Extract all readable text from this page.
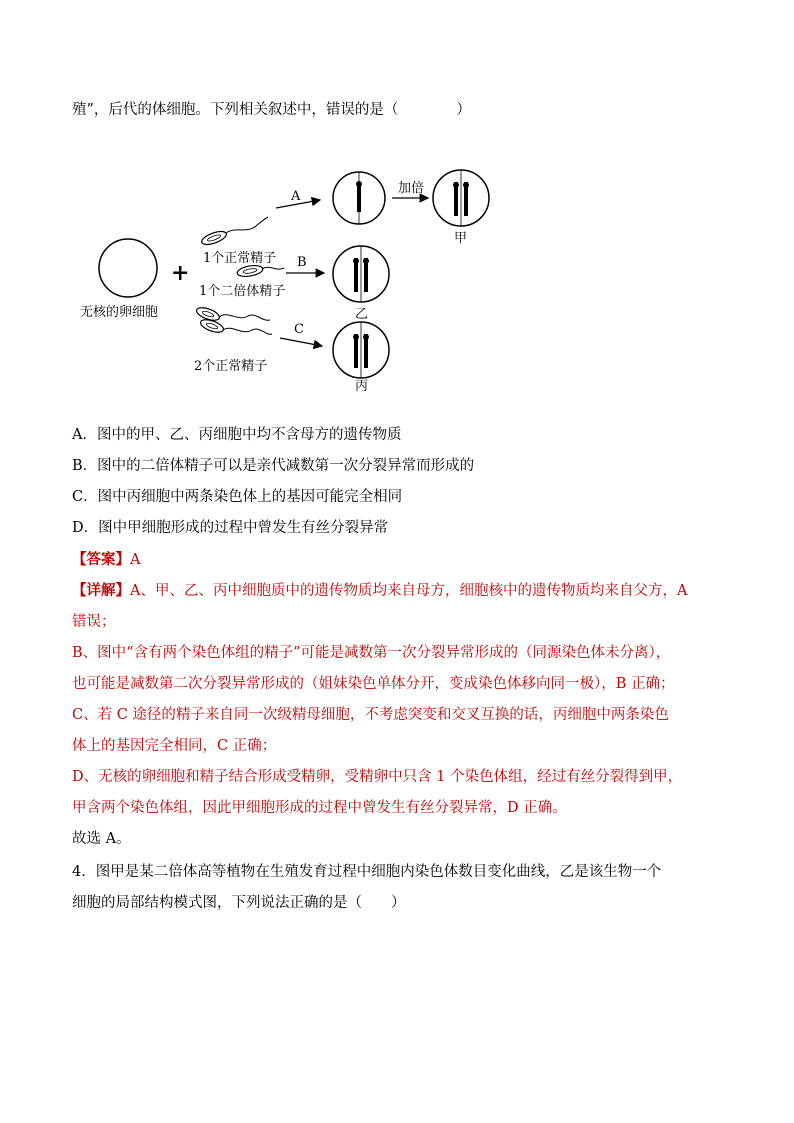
殖”，后代的体细胞。下列相关叙述中，错误的是（　　　　）
无核的卵细胞
+
1个正常精子
1个二倍体精子
2个正常精子
A
B
C
加倍
甲
乙
丙
A．图中的甲、乙、丙细胞中均不含母方的遗传物质
B．图中的二倍体精子可以是亲代减数第一次分裂异常而形成的
C．图中丙细胞中两条染色体上的基因可能完全相同
D．图中甲细胞形成的过程中曾发生有丝分裂异常
【答案】A
【详解】A、甲、乙、丙中细胞质中的遗传物质均来自母方，细胞核中的遗传物质均来自父方，A
错误；
B、图中“含有两个染色体组的精子”可能是减数第一次分裂异常形成的（同源染色体未分离），
也可能是减数第二次分裂异常形成的（姐妹染色单体分开，变成染色体移向同一极），B 正确；
C、若 C 途径的精子来自同一次级精母细胞，不考虑突变和交叉互换的话，丙细胞中两条染色
体上的基因完全相同，C 正确；
D、无核的卵细胞和精子结合形成受精卵，受精卵中只含 1 个染色体组，经过有丝分裂得到甲，
甲含两个染色体组，因此甲细胞形成的过程中曾发生有丝分裂异常，D 正确。
故选 A。
4．图甲是某二倍体高等植物在生殖发育过程中细胞内染色体数目变化曲线，乙是该生物一个
细胞的局部结构模式图，下列说法正确的是（　　）
